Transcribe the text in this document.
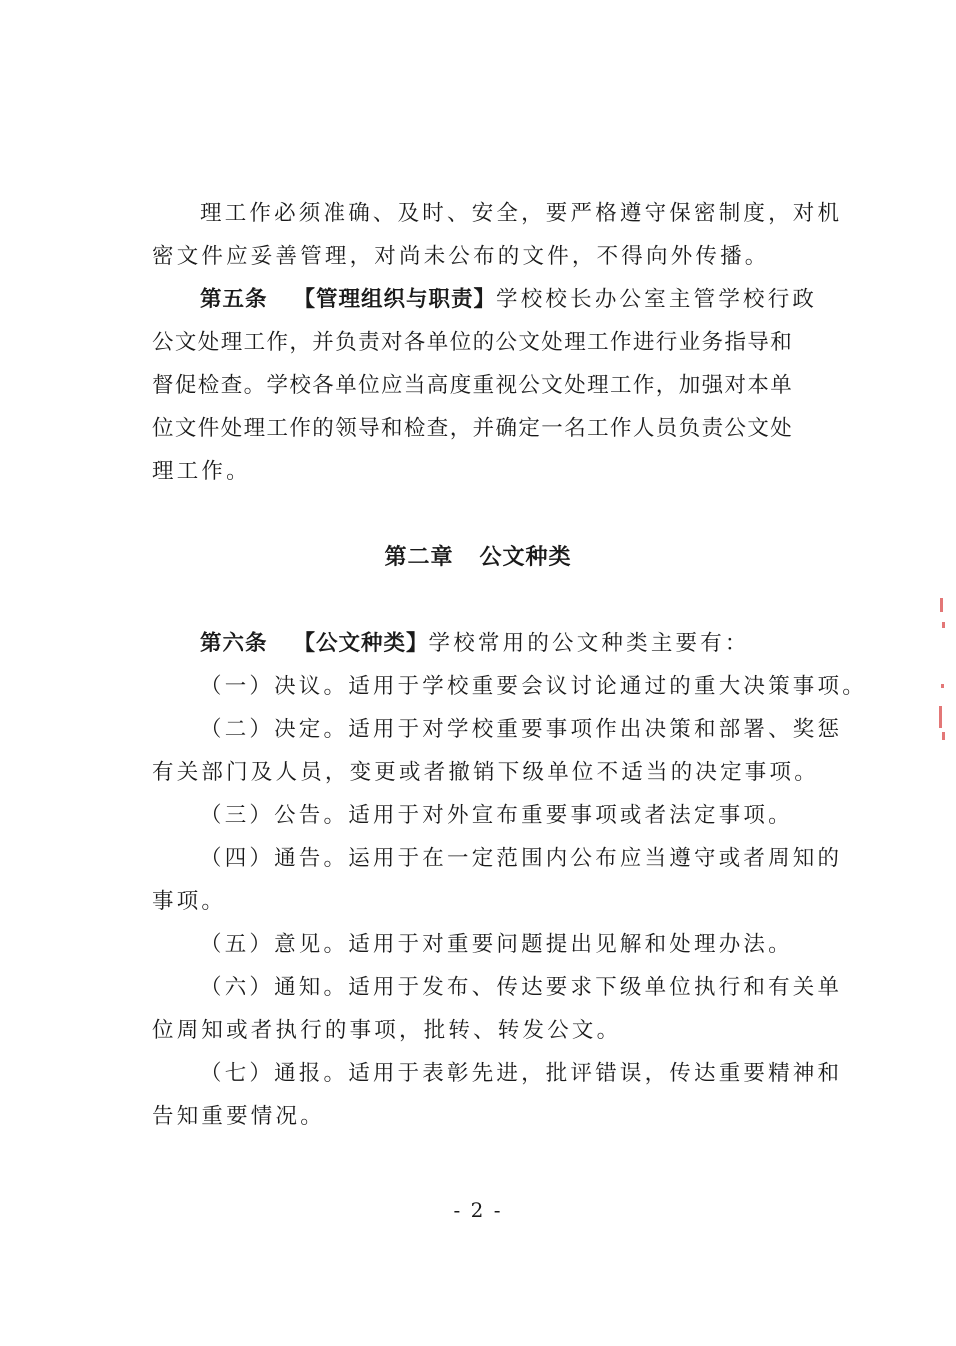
理工作必须准确、及时、安全，要严格遵守保密制度，对机
密文件应妥善管理，对尚未公布的文件，不得向外传播。
第五条 【管理组织与职责】学校校长办公室主管学校行政
公文处理工作，并负责对各单位的公文处理工作进行业务指导和
督促检查。学校各单位应当高度重视公文处理工作，加强对本单
位文件处理工作的领导和检查，并确定一名工作人员负责公文处
理工作。
第二章 公文种类
第六条 【公文种类】学校常用的公文种类主要有：
（一）决议。适用于学校重要会议讨论通过的重大决策事项。
（二）决定。适用于对学校重要事项作出决策和部署、奖惩
有关部门及人员，变更或者撤销下级单位不适当的决定事项。
（三）公告。适用于对外宣布重要事项或者法定事项。
（四）通告。运用于在一定范围内公布应当遵守或者周知的
事项。
（五）意见。适用于对重要问题提出见解和处理办法。
（六）通知。适用于发布、传达要求下级单位执行和有关单
位周知或者执行的事项，批转、转发公文。
（七）通报。适用于表彰先进，批评错误，传达重要精神和
告知重要情况。
- 2 -
